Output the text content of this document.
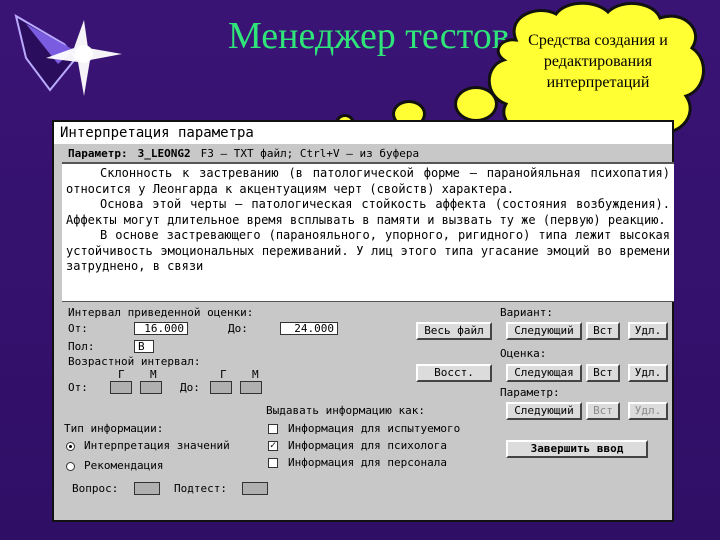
Менеджер тестов	Средства создания и редактирования интерпретаций
Интерпретация параметра
Параметр: 3_LEONG2 F3 – TXT файл; Ctrl+V – из буфера

Склонность к застреванию (в патологической форме – паранойяльная психопатия) относится у Леонгарда к акцентуациям черт (свойств) характера.

Основа этой черты – патологическая стойкость аффекта (состояния возбуждения). Аффекты могут длительное время всплывать в памяти и вызвать ту же (первую) реакцию.

В основе застревающего (паранояльного, упорного, ригидного) типа лежит высокая устойчивость эмоциональных переживаний. У лиц этого типа угасание эмоций во времени затруднено, в связи

Интервал приведенной оценки:
От:	16.000	До:	24.000
Пол:	В
Возрастной интервал:
Г М	Г М
От:	До:
Весь файл
Восст.
Вариант:
Следующий	Вст	Удл.
Оценка:
Следующая	Вст	Удл.
Параметр:
Следующий	Вст	Удл.
Тип информации:
Интерпретация значений
Рекомендация
Выдавать информацию как:
Информация для испытуемого
✓ Информация для психолога
Информация для персонала
Завершить ввод
Вопрос:	Подтест:
